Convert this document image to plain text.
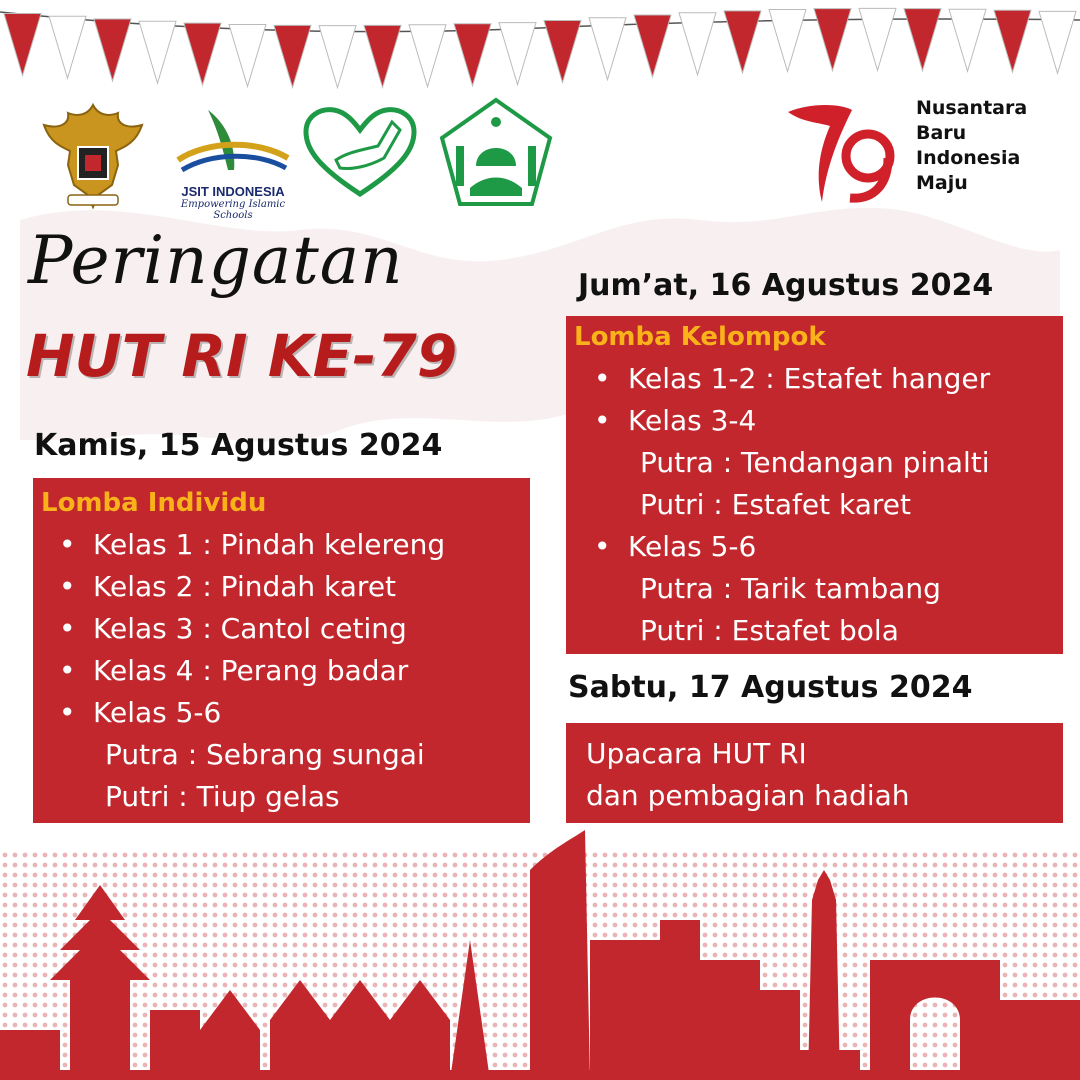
JSIT INDONESIA
Empowering Islamic Schools
Nusantara
Baru
Indonesia
Maju
Peringatan
HUT RI KE-79
Kamis, 15 Agustus 2024
Lomba Individu
• Kelas 1 : Pindah kelereng
• Kelas 2 : Pindah karet
• Kelas 3 : Cantol ceting
• Kelas 4 : Perang badar
• Kelas 5-6
Putra : Sebrang sungai
Putri : Tiup gelas
Jum’at, 16 Agustus 2024
Lomba Kelompok
• Kelas 1-2 : Estafet hanger
• Kelas 3-4
Putra : Tendangan pinalti
Putri : Estafet karet
• Kelas 5-6
Putra : Tarik tambang
Putri : Estafet bola
Sabtu, 17 Agustus 2024
Upacara HUT RI
dan pembagian hadiah
